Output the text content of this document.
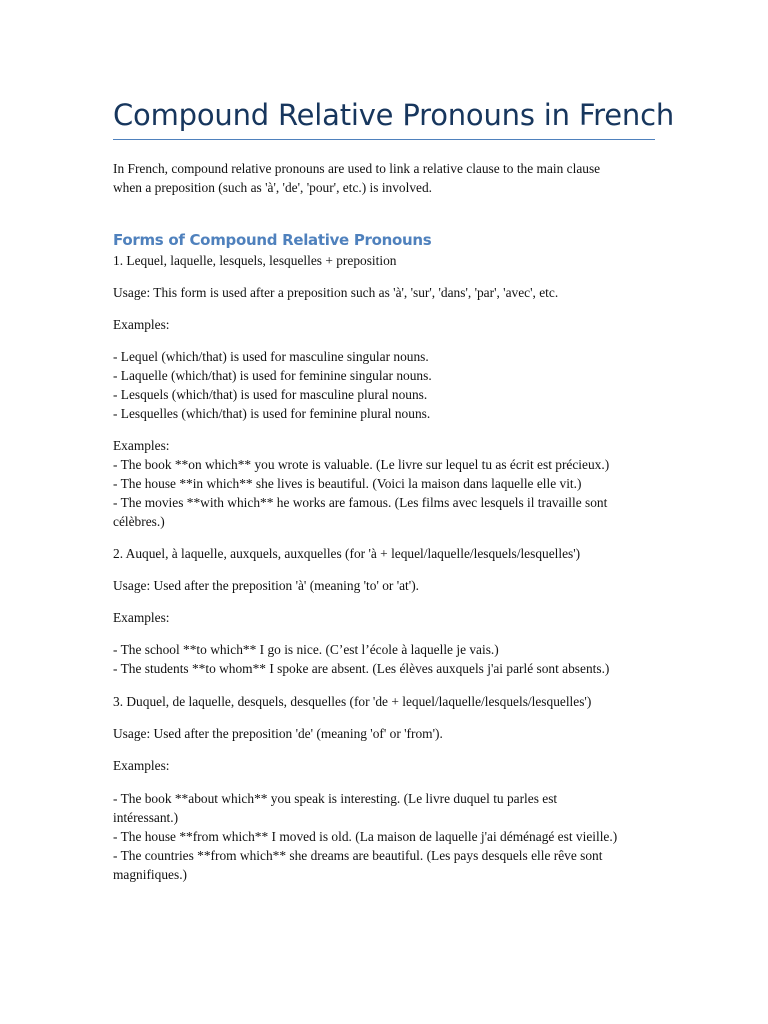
Compound Relative Pronouns in French

In French, compound relative pronouns are used to link a relative clause to the main clause

when a preposition (such as 'à', 'de', 'pour', etc.) is involved.

Forms of Compound Relative Pronouns

1. Lequel, laquelle, lesquels, lesquelles + preposition

Usage: This form is used after a preposition such as 'à', 'sur', 'dans', 'par', 'avec', etc.

Examples:

- Lequel (which/that) is used for masculine singular nouns.

- Laquelle (which/that) is used for feminine singular nouns.

- Lesquels (which/that) is used for masculine plural nouns.

- Lesquelles (which/that) is used for feminine plural nouns.

Examples:

- The book **on which** you wrote is valuable. (Le livre sur lequel tu as écrit est précieux.)

- The house **in which** she lives is beautiful. (Voici la maison dans laquelle elle vit.)

- The movies **with which** he works are famous. (Les films avec lesquels il travaille sont

célèbres.)

2. Auquel, à laquelle, auxquels, auxquelles (for 'à + lequel/laquelle/lesquels/lesquelles')

Usage: Used after the preposition 'à' (meaning 'to' or 'at').

Examples:

- The school **to which** I go is nice. (C’est l’école à laquelle je vais.)

- The students **to whom** I spoke are absent. (Les élèves auxquels j'ai parlé sont absents.)

3. Duquel, de laquelle, desquels, desquelles (for 'de + lequel/laquelle/lesquels/lesquelles')

Usage: Used after the preposition 'de' (meaning 'of' or 'from').

Examples:

- The book **about which** you speak is interesting. (Le livre duquel tu parles est

intéressant.)

- The house **from which** I moved is old. (La maison de laquelle j'ai déménagé est vieille.)

- The countries **from which** she dreams are beautiful. (Les pays desquels elle rêve sont

magnifiques.)
